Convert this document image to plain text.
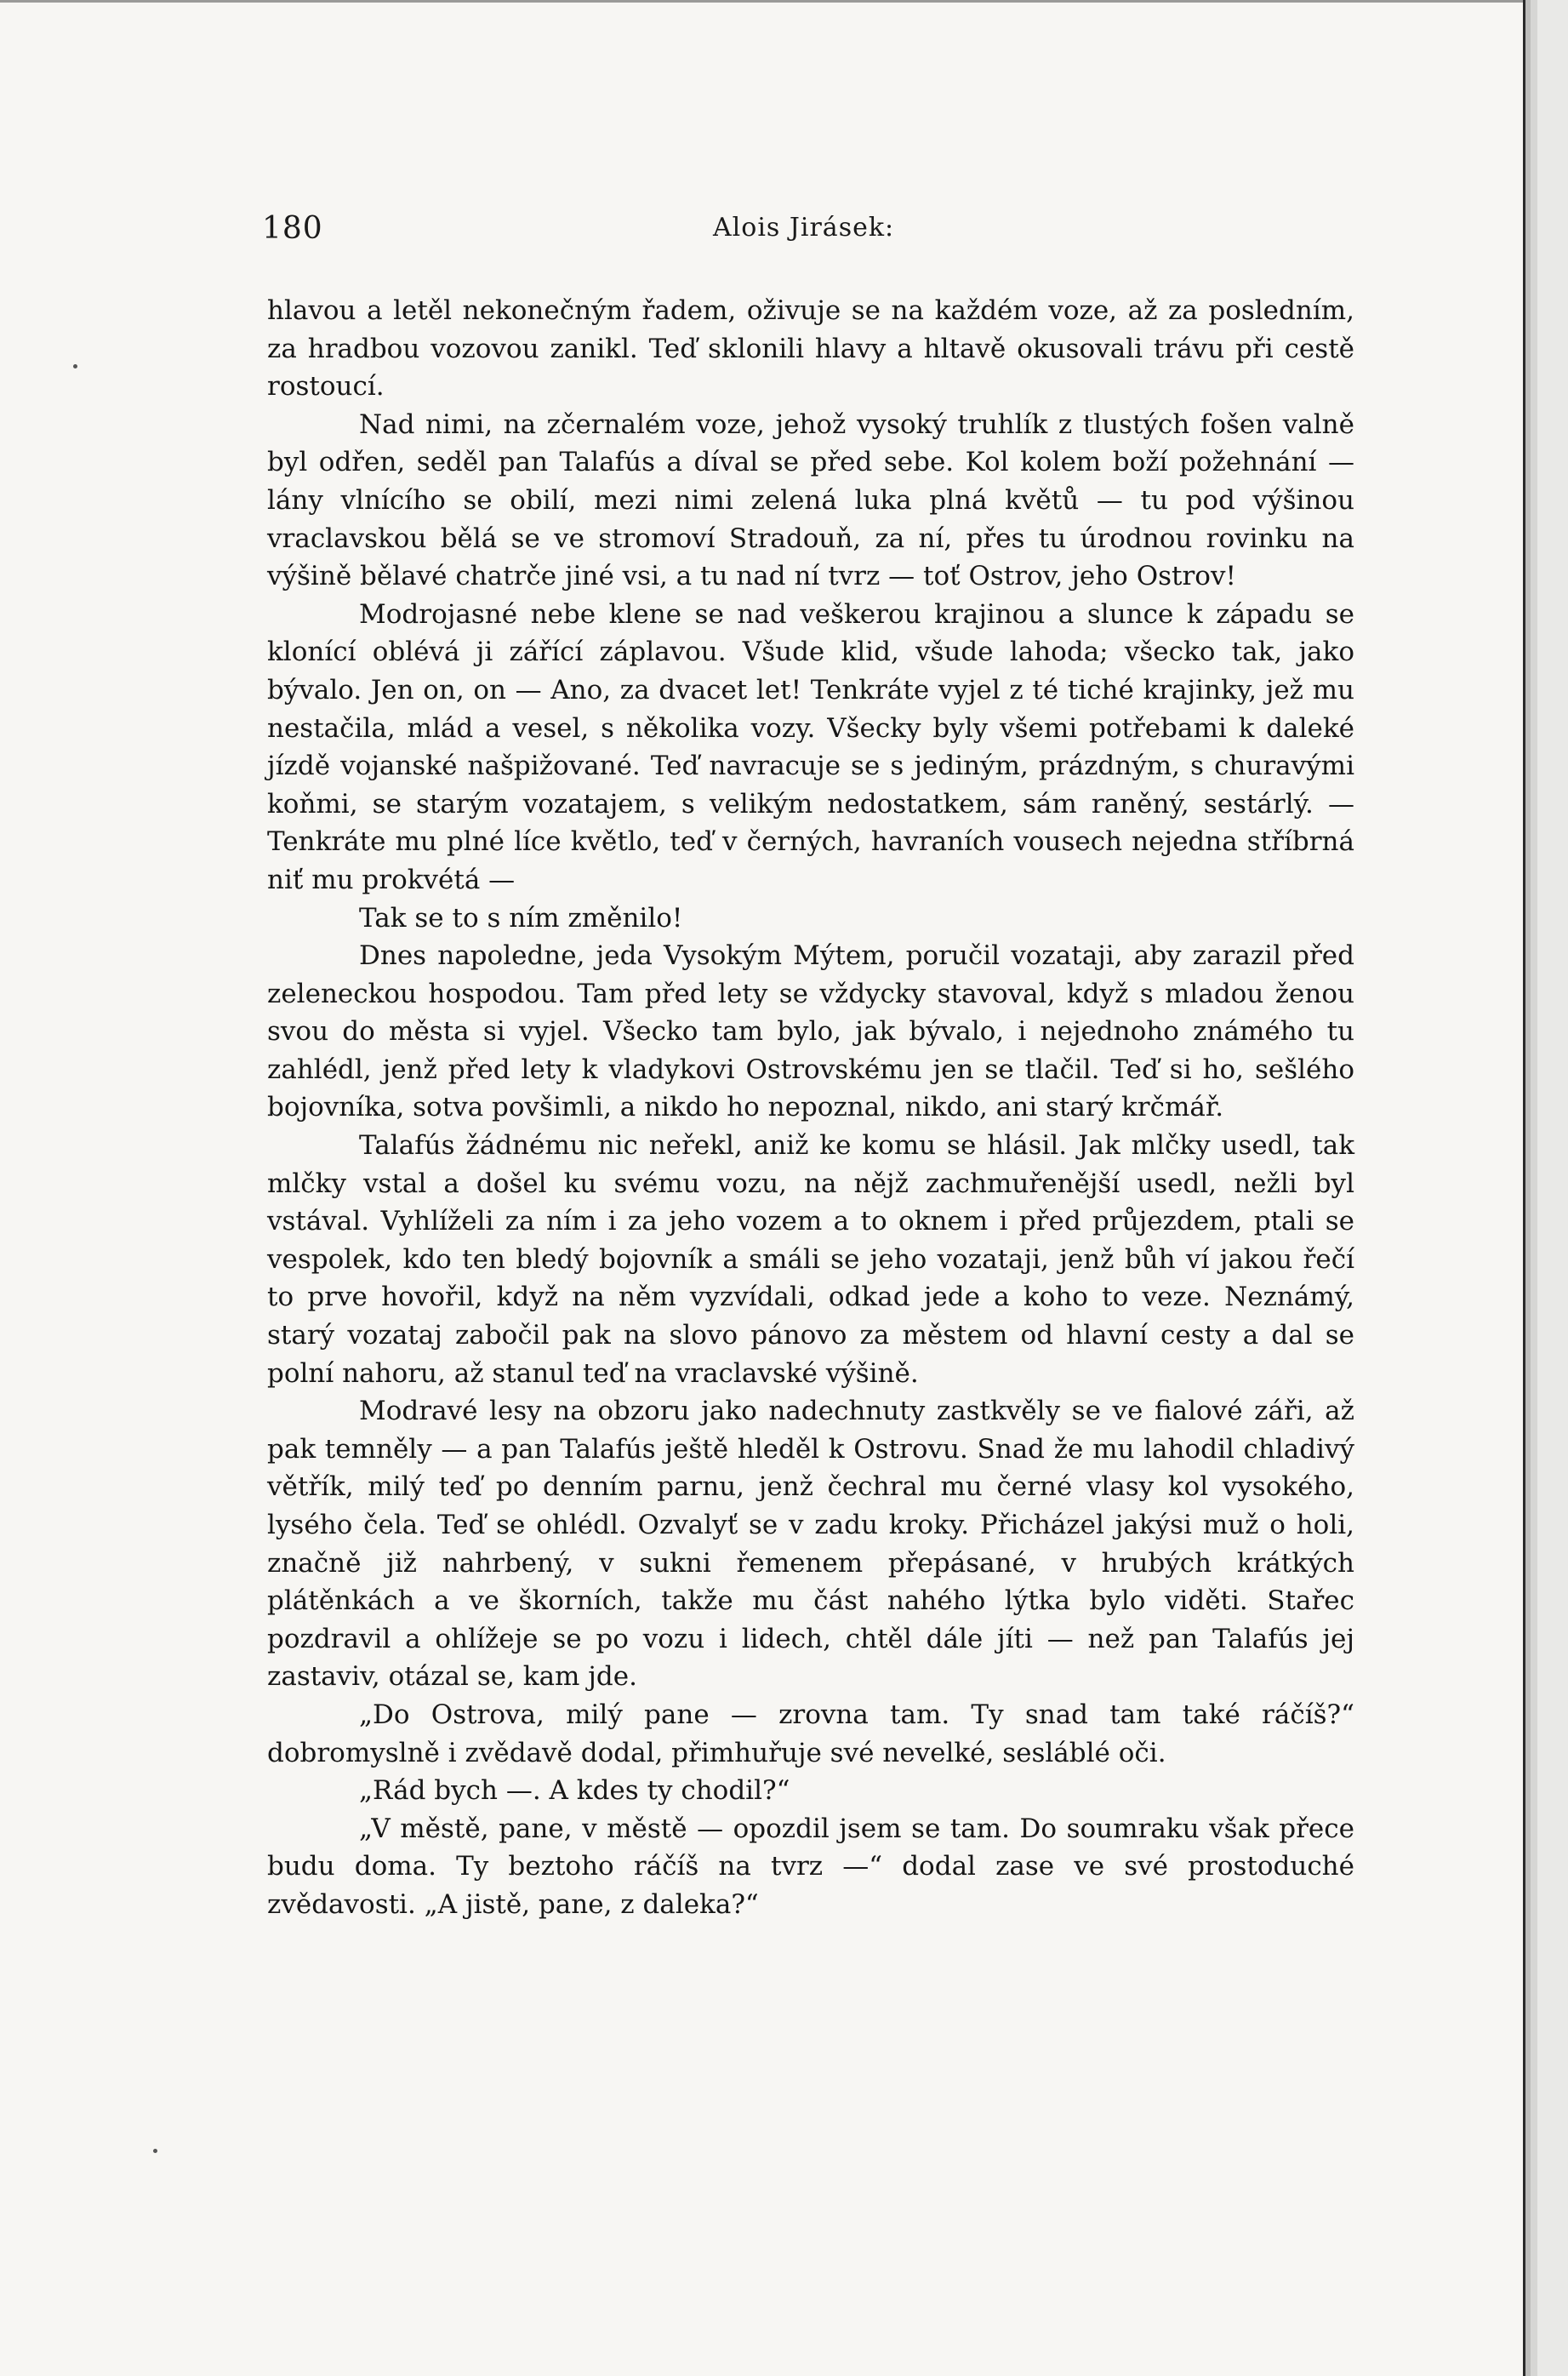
180	Alois Jirásek:

hlavou a letěl nekonečným řadem, oživuje se na každém voze, až za posledním, za hradbou vozovou zanikl. Teď sklonili hlavy a hltavě okusovali trávu při cestě rostoucí.

Nad nimi, na zčernalém voze, jehož vysoký truhlík z tlustých fošen valně byl odřen, seděl pan Talafús a díval se před sebe. Kol kolem boží požehnání — lány vlnícího se obilí, mezi nimi zelená luka plná květů — tu pod výšinou vraclavskou bělá se ve stromoví Stradouň, za ní, přes tu úrodnou rovinku na výšině bělavé chatrče jiné vsi, a tu nad ní tvrz — toť Ostrov, jeho Ostrov!

Modrojasné nebe klene se nad veškerou krajinou a slunce k západu se klonící oblévá ji zářící záplavou. Všude klid, všude lahoda; všecko tak, jako bývalo. Jen on, on — Ano, za dvacet let! Tenkráte vyjel z té tiché krajinky, jež mu nestačila, mlád a vesel, s několika vozy. Všecky byly všemi potřebami k daleké jízdě vojanské našpižované. Teď navracuje se s jediným, prázdným, s churavými koňmi, se starým vozatajem, s velikým nedostatkem, sám raněný, sestárlý. — Tenkráte mu plné líce květlo, teď v černých, havraních vousech nejedna stříbrná niť mu prokvétá —

Tak se to s ním změnilo!

Dnes napoledne, jeda Vysokým Mýtem, poručil vozataji, aby zarazil před zeleneckou hospodou. Tam před lety se vždycky stavoval, když s mladou ženou svou do města si vyjel. Všecko tam bylo, jak bývalo, i nejednoho známého tu zahlédl, jenž před lety k vladykovi Ostrovskému jen se tlačil. Teď si ho, sešlého bojovníka, sotva povšimli, a nikdo ho nepoznal, nikdo, ani starý krčmář.

Talafús žádnému nic neřekl, aniž ke komu se hlásil. Jak mlčky usedl, tak mlčky vstal a došel ku svému vozu, na nějž zachmuřenější usedl, nežli byl vstával. Vyhlíželi za ním i za jeho vozem a to oknem i před průjezdem, ptali se vespolek, kdo ten bledý bojovník a smáli se jeho vozataji, jenž bůh ví jakou řečí to prve hovořil, když na něm vyzvídali, odkad jede a koho to veze. Neznámý, starý vozataj zabočil pak na slovo pánovo za městem od hlavní cesty a dal se polní nahoru, až stanul teď na vraclavské výšině.

Modravé lesy na obzoru jako nadechnuty zastkvěly se ve fialové záři, až pak temněly — a pan Talafús ještě hleděl k Ostrovu. Snad že mu lahodil chladivý větřík, milý teď po denním parnu, jenž čechral mu černé vlasy kol vysokého, lysého čela. Teď se ohlédl. Ozvalyť se v zadu kroky. Přicházel jakýsi muž o holi, značně již nahrbený, v sukni řemenem přepásané, v hrubých krátkých plátěnkách a ve škorních, takže mu část nahého lýtka bylo viděti. Stařec pozdravil a ohlížeje se po vozu i lidech, chtěl dále jíti — než pan Talafús jej zastaviv, otázal se, kam jde.

„Do Ostrova, milý pane — zrovna tam. Ty snad tam také ráčíš?“ dobromyslně i zvědavě dodal, přimhuřuje své nevelké, sesláblé oči.

„Rád bych —. A kdes ty chodil?“

„V městě, pane, v městě — opozdil jsem se tam. Do soumraku však přece budu doma. Ty beztoho ráčíš na tvrz —“ dodal zase ve své prostoduché zvědavosti. „A jistě, pane, z daleka?“
